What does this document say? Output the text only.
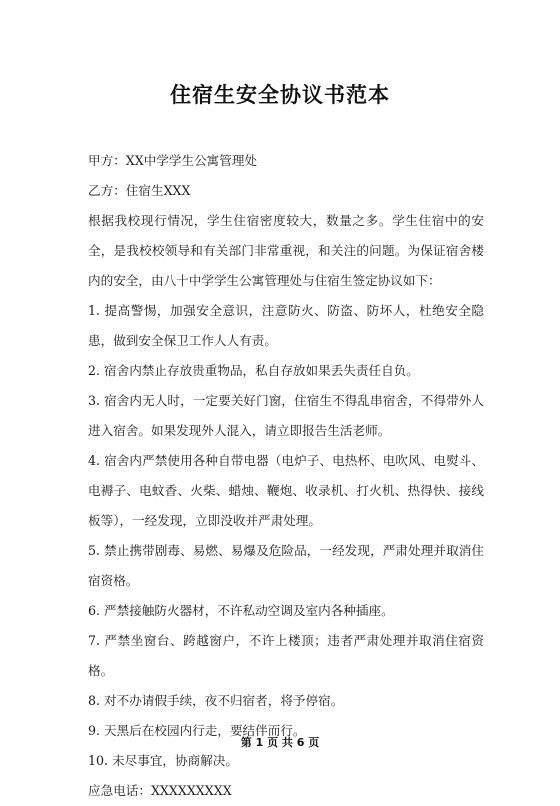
住宿生安全协议书范本

甲方：XX中学学生公寓管理处

乙方：住宿生XXX

根据我校现行情况，学生住宿密度较大，数量之多。学生住宿中的安全，是我校校领导和有关部门非常重视，和关注的问题。为保证宿舍楼内的安全，由八十中学学生公寓管理处与住宿生签定协议如下：

1. 提高警惕，加强安全意识，注意防火、防盗、防坏人，杜绝安全隐患，做到安全保卫工作人人有责。

2. 宿舍内禁止存放贵重物品，私自存放如果丢失责任自负。

3. 宿舍内无人时，一定要关好门窗，住宿生不得乱串宿舍，不得带外人进入宿舍。如果发现外人混入，请立即报告生活老师。

4. 宿舍内严禁使用各种自带电器（电炉子、电热杯、电吹风、电熨斗、电褥子、电蚊香、火柴、蜡烛、鞭炮、收录机、打火机、热得快、接线板等），一经发现，立即没收并严肃处理。

5. 禁止携带剧毒、易燃、易爆及危险品，一经发现，严肃处理并取消住宿资格。

6. 严禁接触防火器材，不许私动空调及室内各种插座。

7. 严禁坐窗台、跨越窗户，不许上楼顶；违者严肃处理并取消住宿资格。

8. 对不办请假手续，夜不归宿者，将予停宿。

9. 天黑后在校园内行走，要结伴而行。

10. 未尽事宜，协商解决。

应急电话：XXXXXXXXX

第 1 页 共 6 页
